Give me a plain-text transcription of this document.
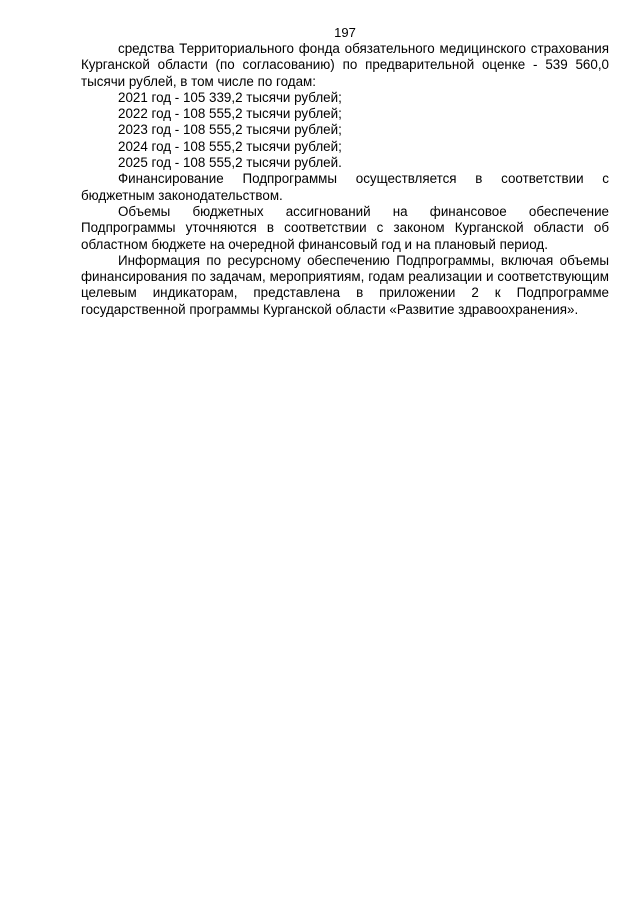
197

средства Территориального фонда обязательного медицинского страхования Курганской области (по согласованию) по предварительной оценке - 539 560,0 тысячи рублей, в том числе по годам:

2021 год - 105 339,2 тысячи рублей;

2022 год - 108 555,2 тысячи рублей;

2023 год - 108 555,2 тысячи рублей;

2024 год - 108 555,2 тысячи рублей;

2025 год - 108 555,2 тысячи рублей.

Финансирование Подпрограммы осуществляется в соответствии с бюджетным законодательством.

Объемы бюджетных ассигнований на финансовое обеспечение Подпрограммы уточняются в соответствии с законом Курганской области об областном бюджете на очередной финансовый год и на плановый период.

Информация по ресурсному обеспечению Подпрограммы, включая объемы финансирования по задачам, мероприятиям, годам реализации и соответствующим целевым индикаторам, представлена в приложении 2 к Подпрограмме государственной программы Курганской области «Развитие здравоохранения».
